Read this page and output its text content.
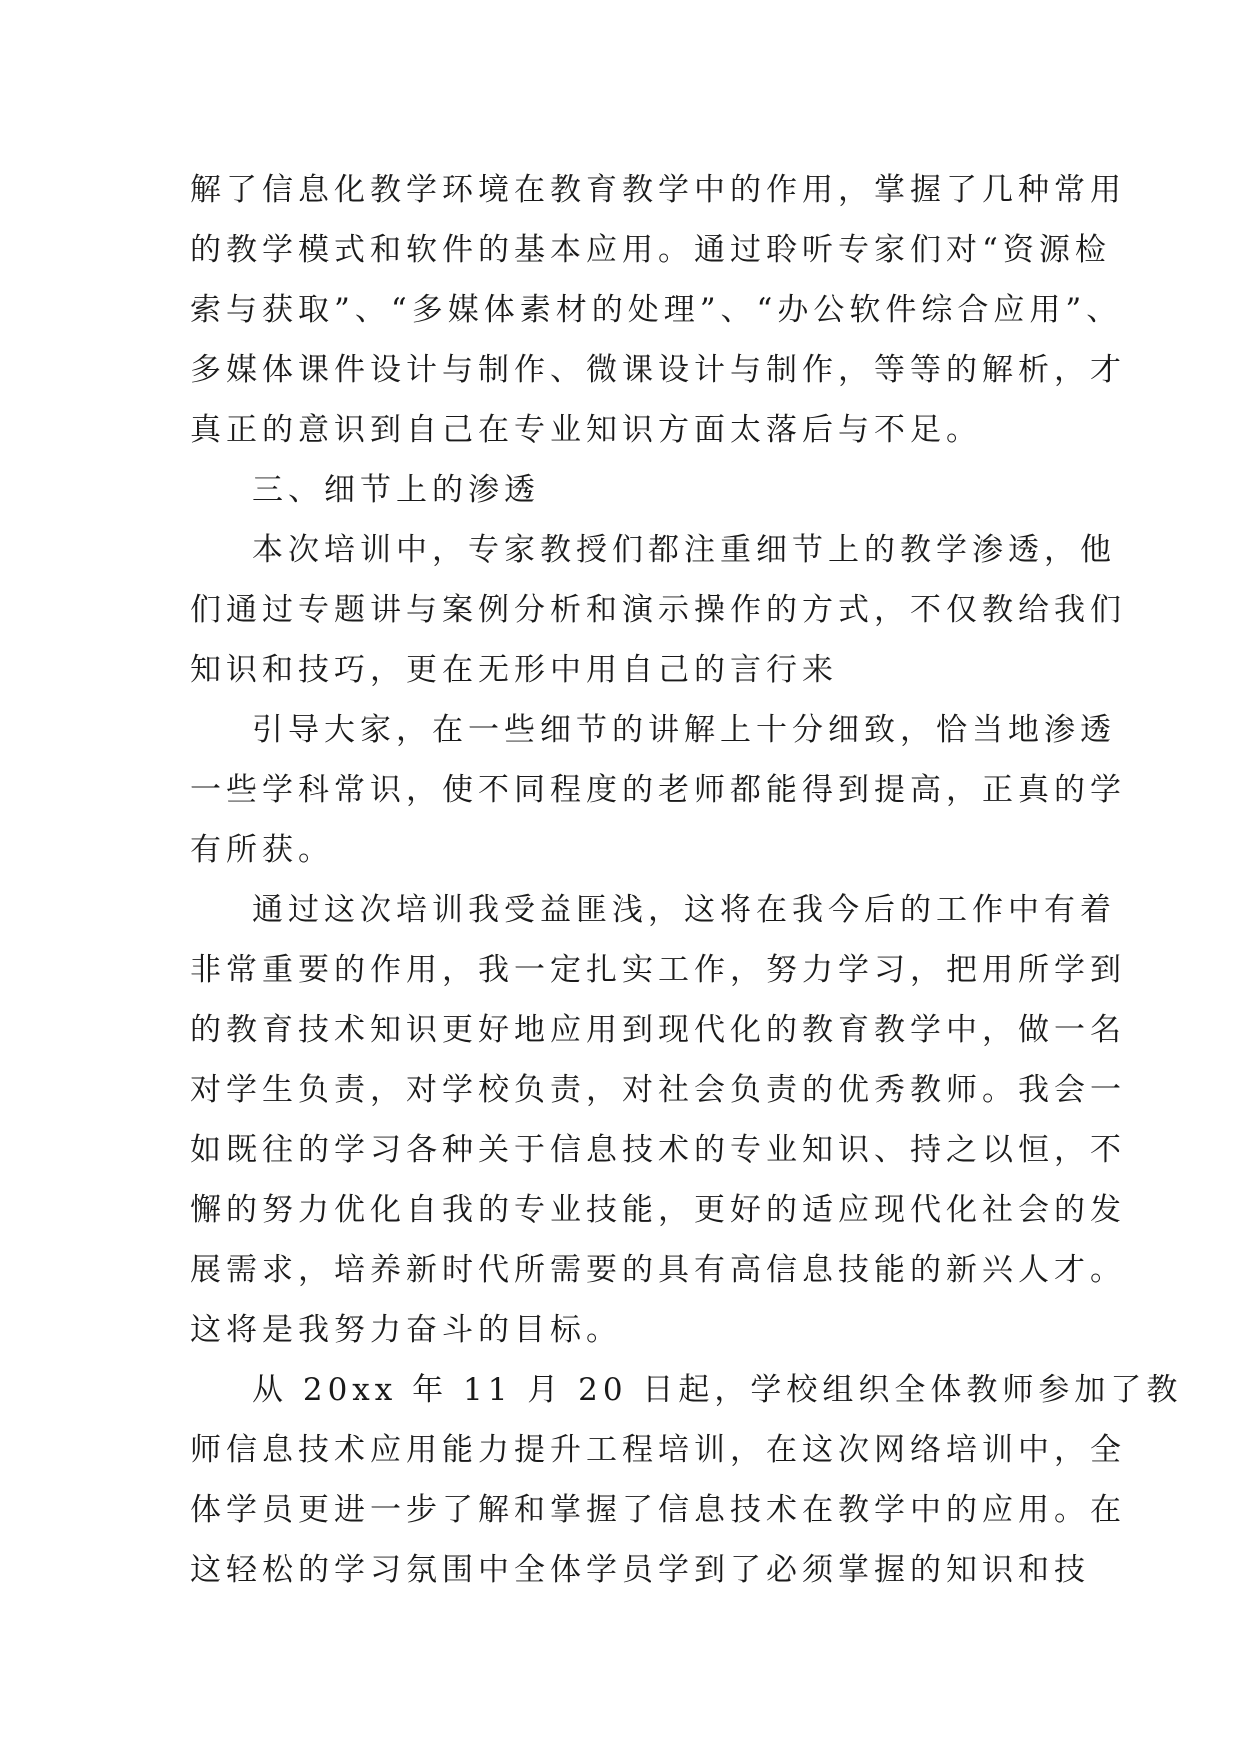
解了信息化教学环境在教育教学中的作用，掌握了几种常用
的教学模式和软件的基本应用。通过聆听专家们对“资源检
索与获取”、“多媒体素材的处理”、“办公软件综合应用”、
多媒体课件设计与制作、微课设计与制作，等等的解析，才
真正的意识到自己在专业知识方面太落后与不足。

三、细节上的渗透

本次培训中，专家教授们都注重细节上的教学渗透，他
们通过专题讲与案例分析和演示操作的方式，不仅教给我们
知识和技巧，更在无形中用自己的言行来

引导大家，在一些细节的讲解上十分细致，恰当地渗透
一些学科常识，使不同程度的老师都能得到提高，正真的学
有所获。

通过这次培训我受益匪浅，这将在我今后的工作中有着
非常重要的作用，我一定扎实工作，努力学习，把用所学到
的教育技术知识更好地应用到现代化的教育教学中，做一名
对学生负责，对学校负责，对社会负责的优秀教师。我会一
如既往的学习各种关于信息技术的专业知识、持之以恒，不
懈的努力优化自我的专业技能，更好的适应现代化社会的发
展需求，培养新时代所需要的具有高信息技能的新兴人才。
这将是我努力奋斗的目标。

从 20xx 年 11 月 20 日起，学校组织全体教师参加了教
师信息技术应用能力提升工程培训，在这次网络培训中，全
体学员更进一步了解和掌握了信息技术在教学中的应用。在
这轻松的学习氛围中全体学员学到了必须掌握的知识和技
